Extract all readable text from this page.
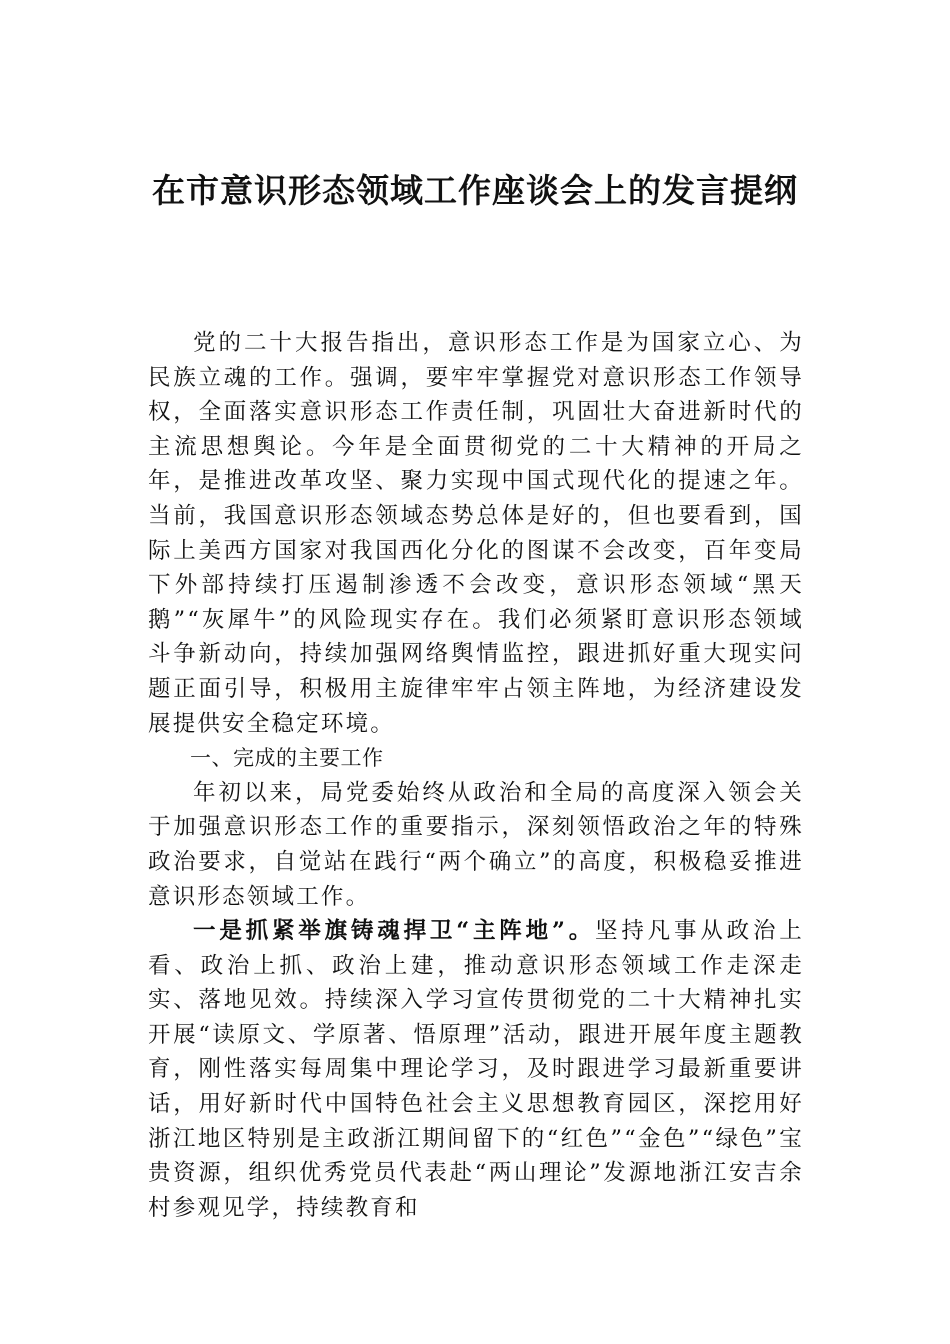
在市意识形态领域工作座谈会上的发言提纲

党的二十大报告指出，意识形态工作是为国家立心、为民族立魂的工作。强调，要牢牢掌握党对意识形态工作领导权，全面落实意识形态工作责任制，巩固壮大奋进新时代的主流思想舆论。今年是全面贯彻党的二十大精神的开局之年，是推进改革攻坚、聚力实现中国式现代化的提速之年。当前，我国意识形态领域态势总体是好的，但也要看到，国际上美西方国家对我国西化分化的图谋不会改变，百年变局下外部持续打压遏制渗透不会改变，意识形态领域“黑天鹅”“灰犀牛”的风险现实存在。我们必须紧盯意识形态领域斗争新动向，持续加强网络舆情监控，跟进抓好重大现实问题正面引导，积极用主旋律牢牢占领主阵地，为经济建设发展提供安全稳定环境。

一、完成的主要工作

年初以来，局党委始终从政治和全局的高度深入领会关于加强意识形态工作的重要指示，深刻领悟政治之年的特殊政治要求，自觉站在践行“两个确立”的高度，积极稳妥推进意识形态领域工作。

一是抓紧举旗铸魂捍卫“主阵地”。坚持凡事从政治上看、政治上抓、政治上建，推动意识形态领域工作走深走实、落地见效。持续深入学习宣传贯彻党的二十大精神扎实开展“读原文、学原著、悟原理”活动，跟进开展年度主题教育，刚性落实每周集中理论学习，及时跟进学习最新重要讲话，用好新时代中国特色社会主义思想教育园区，深挖用好浙江地区特别是主政浙江期间留下的“红色”“金色”“绿色”宝贵资源，组织优秀党员代表赴“两山理论”发源地浙江安吉余村参观见学，持续教育和
